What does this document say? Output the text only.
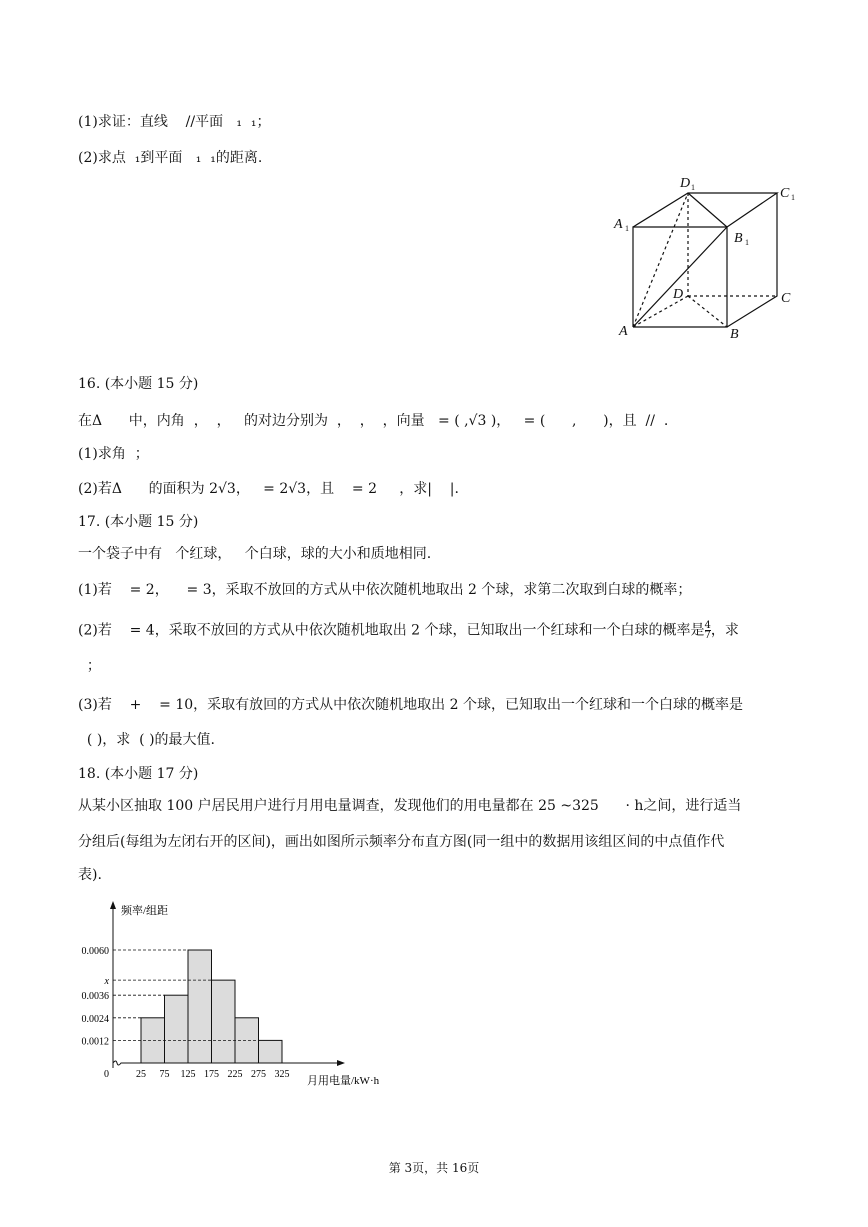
(1)求证：直线    //平面   ₁  ₁；
(2)求点  ₁到平面   ₁  ₁的距离.
D 1	C 1
A 1
B 1
D	C
A	B
16. (本小题 15 分)
在Δ      中，内角  ，  ，   的对边分别为  ，  ，  ，向量   = ( ,√3 )，   = (      ,      )，且  //  .
(1)求角  ；
(2)若Δ      的面积为 2√3，   = 2√3，且    = 2     ，求|    |.
17. (本小题 15 分)
一个袋子中有   个红球，   个白球，球的大小和质地相同.
(1)若    = 2，    = 3，采取不放回的方式从中依次随机地取出 2 个球，求第二次取到白球的概率；
(2)若    = 4，采取不放回的方式从中依次随机地取出 2 个球，已知取出一个红球和一个白球的概率是 $\frac{4}{7}$ ，求
；
(3)若    +    = 10，采取有放回的方式从中依次随机地取出 2 个球，已知取出一个红球和一个白球的概率是
( )，求  ( )的最大值.
18. (本小题 17 分)
从某小区抽取 100 户居民用户进行月用电量调查，发现他们的用电量都在 25 ~325      · h之间，进行适当
分组后(每组为左闭右开的区间)，画出如图所示频率分布直方图(同一组中的数据用该组区间的中点值作代
表).
0.0060
x
0.0036
0.0024
0.0012
频率/组距
0	25 75 125 175 225 275 325
月用电量/kW·h
第 3页，共 16页
